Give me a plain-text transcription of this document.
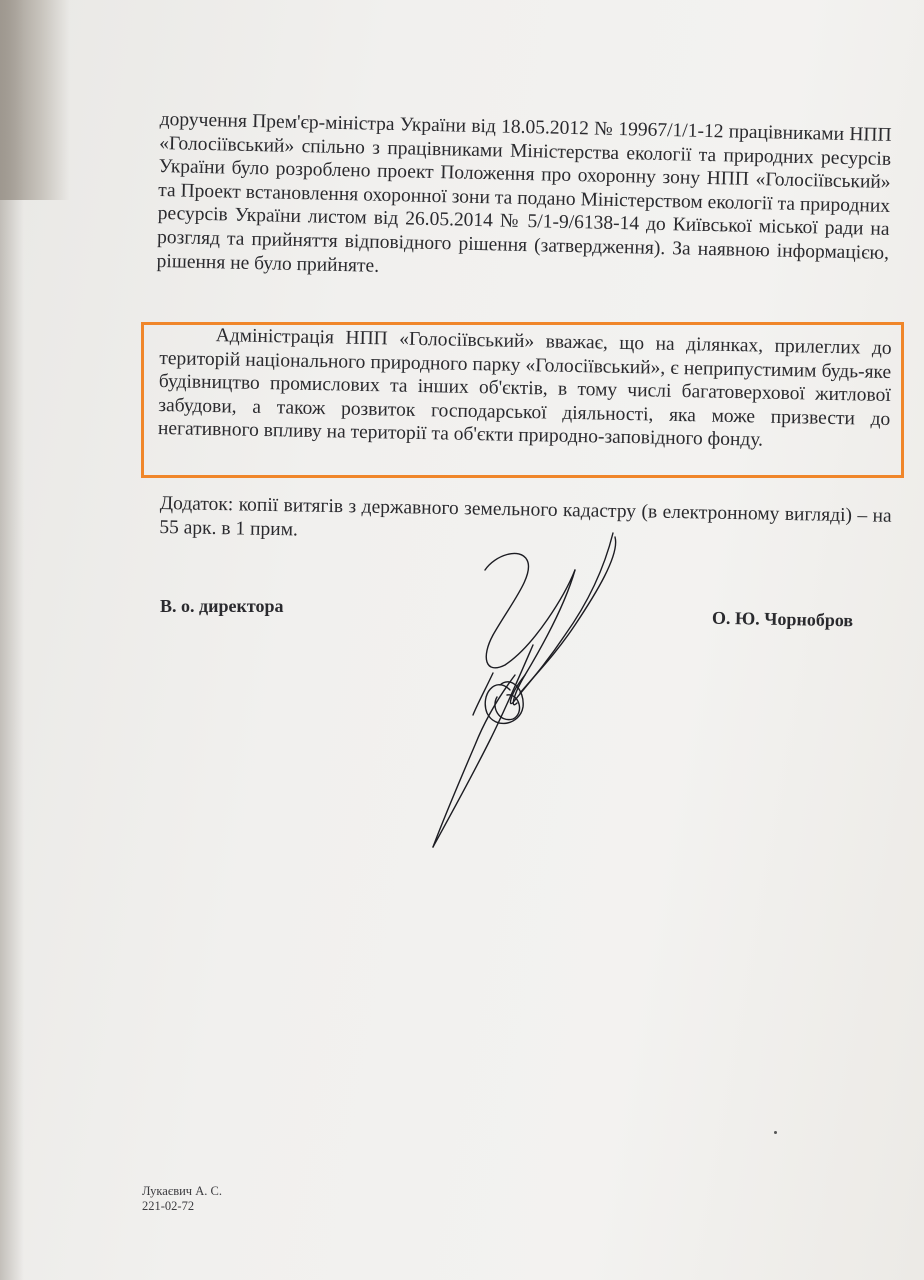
доручення Прем'єр-міністра України від 18.05.2012 № 19967/1/1-12 працівниками НПП «Голосіївський» спільно з працівниками Міністерства екології та природних ресурсів України було розроблено проект Положення про охоронну зону НПП «Голосіївський» та Проект встановлення охоронної зони та подано Міністерством екології та природних ресурсів України листом від 26.05.2014 № 5/1-9/6138-14 до Київської міської ради на розгляд та прийняття відповідного рішення (затвердження). За наявною інформацією, рішення не було прийняте.

Адміністрація НПП «Голосіївський» вважає, що на ділянках, прилеглих до територій національного природного парку «Голосіївський», є неприпустимим будь-яке будівництво промислових та інших об'єктів, в тому числі багатоверхової житлової забудови, а також розвиток господарської діяльності, яка може призвести до негативного впливу на території та об'єкти природно-заповідного фонду.

Додаток: копії витягів з державного земельного кадастру (в електронному вигляді) – на 55 арк. в 1 прим.

В. о. директора
О. Ю. Чорнобров
Лукаєвич А. С.
221-02-72
